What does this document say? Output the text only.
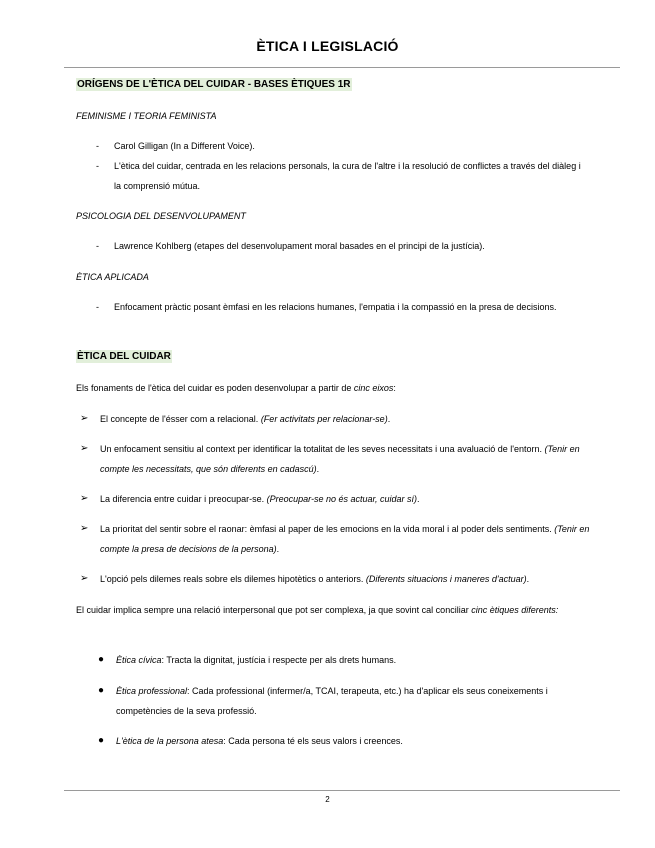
ÈTICA I LEGISLACIÓ
ORÍGENS DE L'ÈTICA DEL CUIDAR - BASES ÈTIQUES 1R
FEMINISME I TEORIA FEMINISTA
-	Carol Gilligan (In a Different Voice).
-	L'ètica del cuidar, centrada en les relacions personals, la cura de l'altre i la resolució de conflictes a través del diàleg i la comprensió mútua.
PSICOLOGIA DEL DESENVOLUPAMENT
-	Lawrence Kohlberg (etapes del desenvolupament moral basades en el principi de la justícia).
ÈTICA APLICADA
-	Enfocament pràctic posant èmfasi en les relacions humanes, l'empatia i la compassió en la presa de decisions.
ÈTICA DEL CUIDAR
Els fonaments de l'ètica del cuidar es poden desenvolupar a partir de cinc eixos:
➢	El concepte de l'ésser com a relacional. (Fer activitats per relacionar-se).
➢	Un enfocament sensitiu al context per identificar la totalitat de les seves necessitats i una avaluació de l'entorn. (Tenir en compte les necessitats, que són diferents en cadascú).
➢	La diferencia entre cuidar i preocupar-se. (Preocupar-se no és actuar, cuidar sí).
➢	La prioritat del sentir sobre el raonar: èmfasi al paper de les emocions en la vida moral i al poder dels sentiments. (Tenir en compte la presa de decisions de la persona).
➢	L'opció pels dilemes reals sobre els dilemes hipotètics o anteriors. (Diferents situacions i maneres d'actuar).
El cuidar implica sempre una relació interpersonal que pot ser complexa, ja que sovint cal conciliar cinc ètiques diferents:
●	Ètica cívica: Tracta la dignitat, justícia i respecte per als drets humans.
●	Ètica professional: Cada professional (infermer/a, TCAI, terapeuta, etc.) ha d'aplicar els seus coneixements i competències de la seva professió.
●	L'ètica de la persona atesa: Cada persona té els seus valors i creences.
2
